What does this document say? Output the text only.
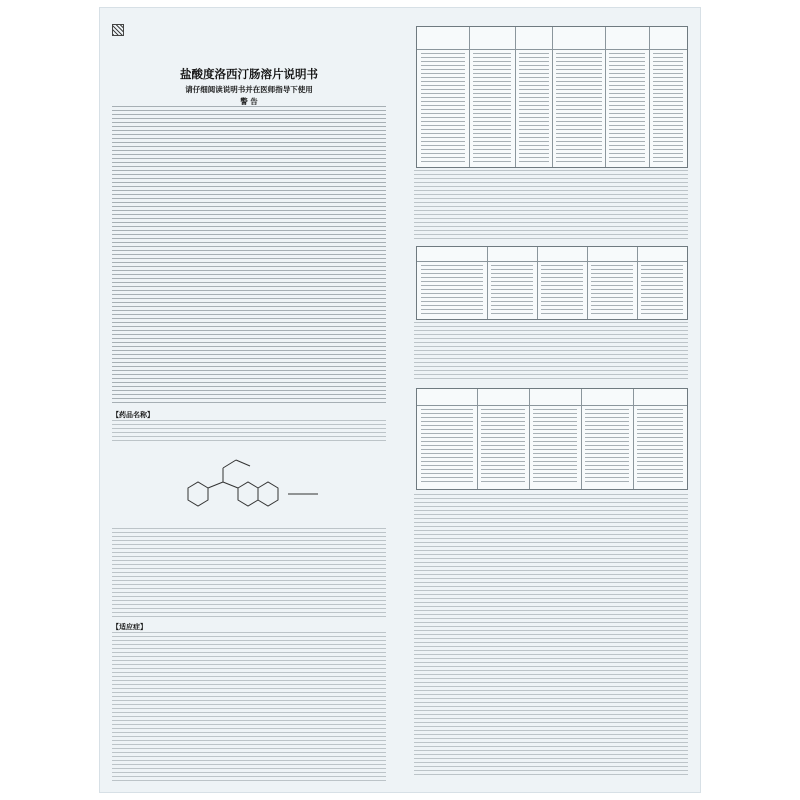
盐酸度洛西汀肠溶片说明书
请仔细阅读说明书并在医师指导下使用
警 告
【药品名称】
【适应症】
